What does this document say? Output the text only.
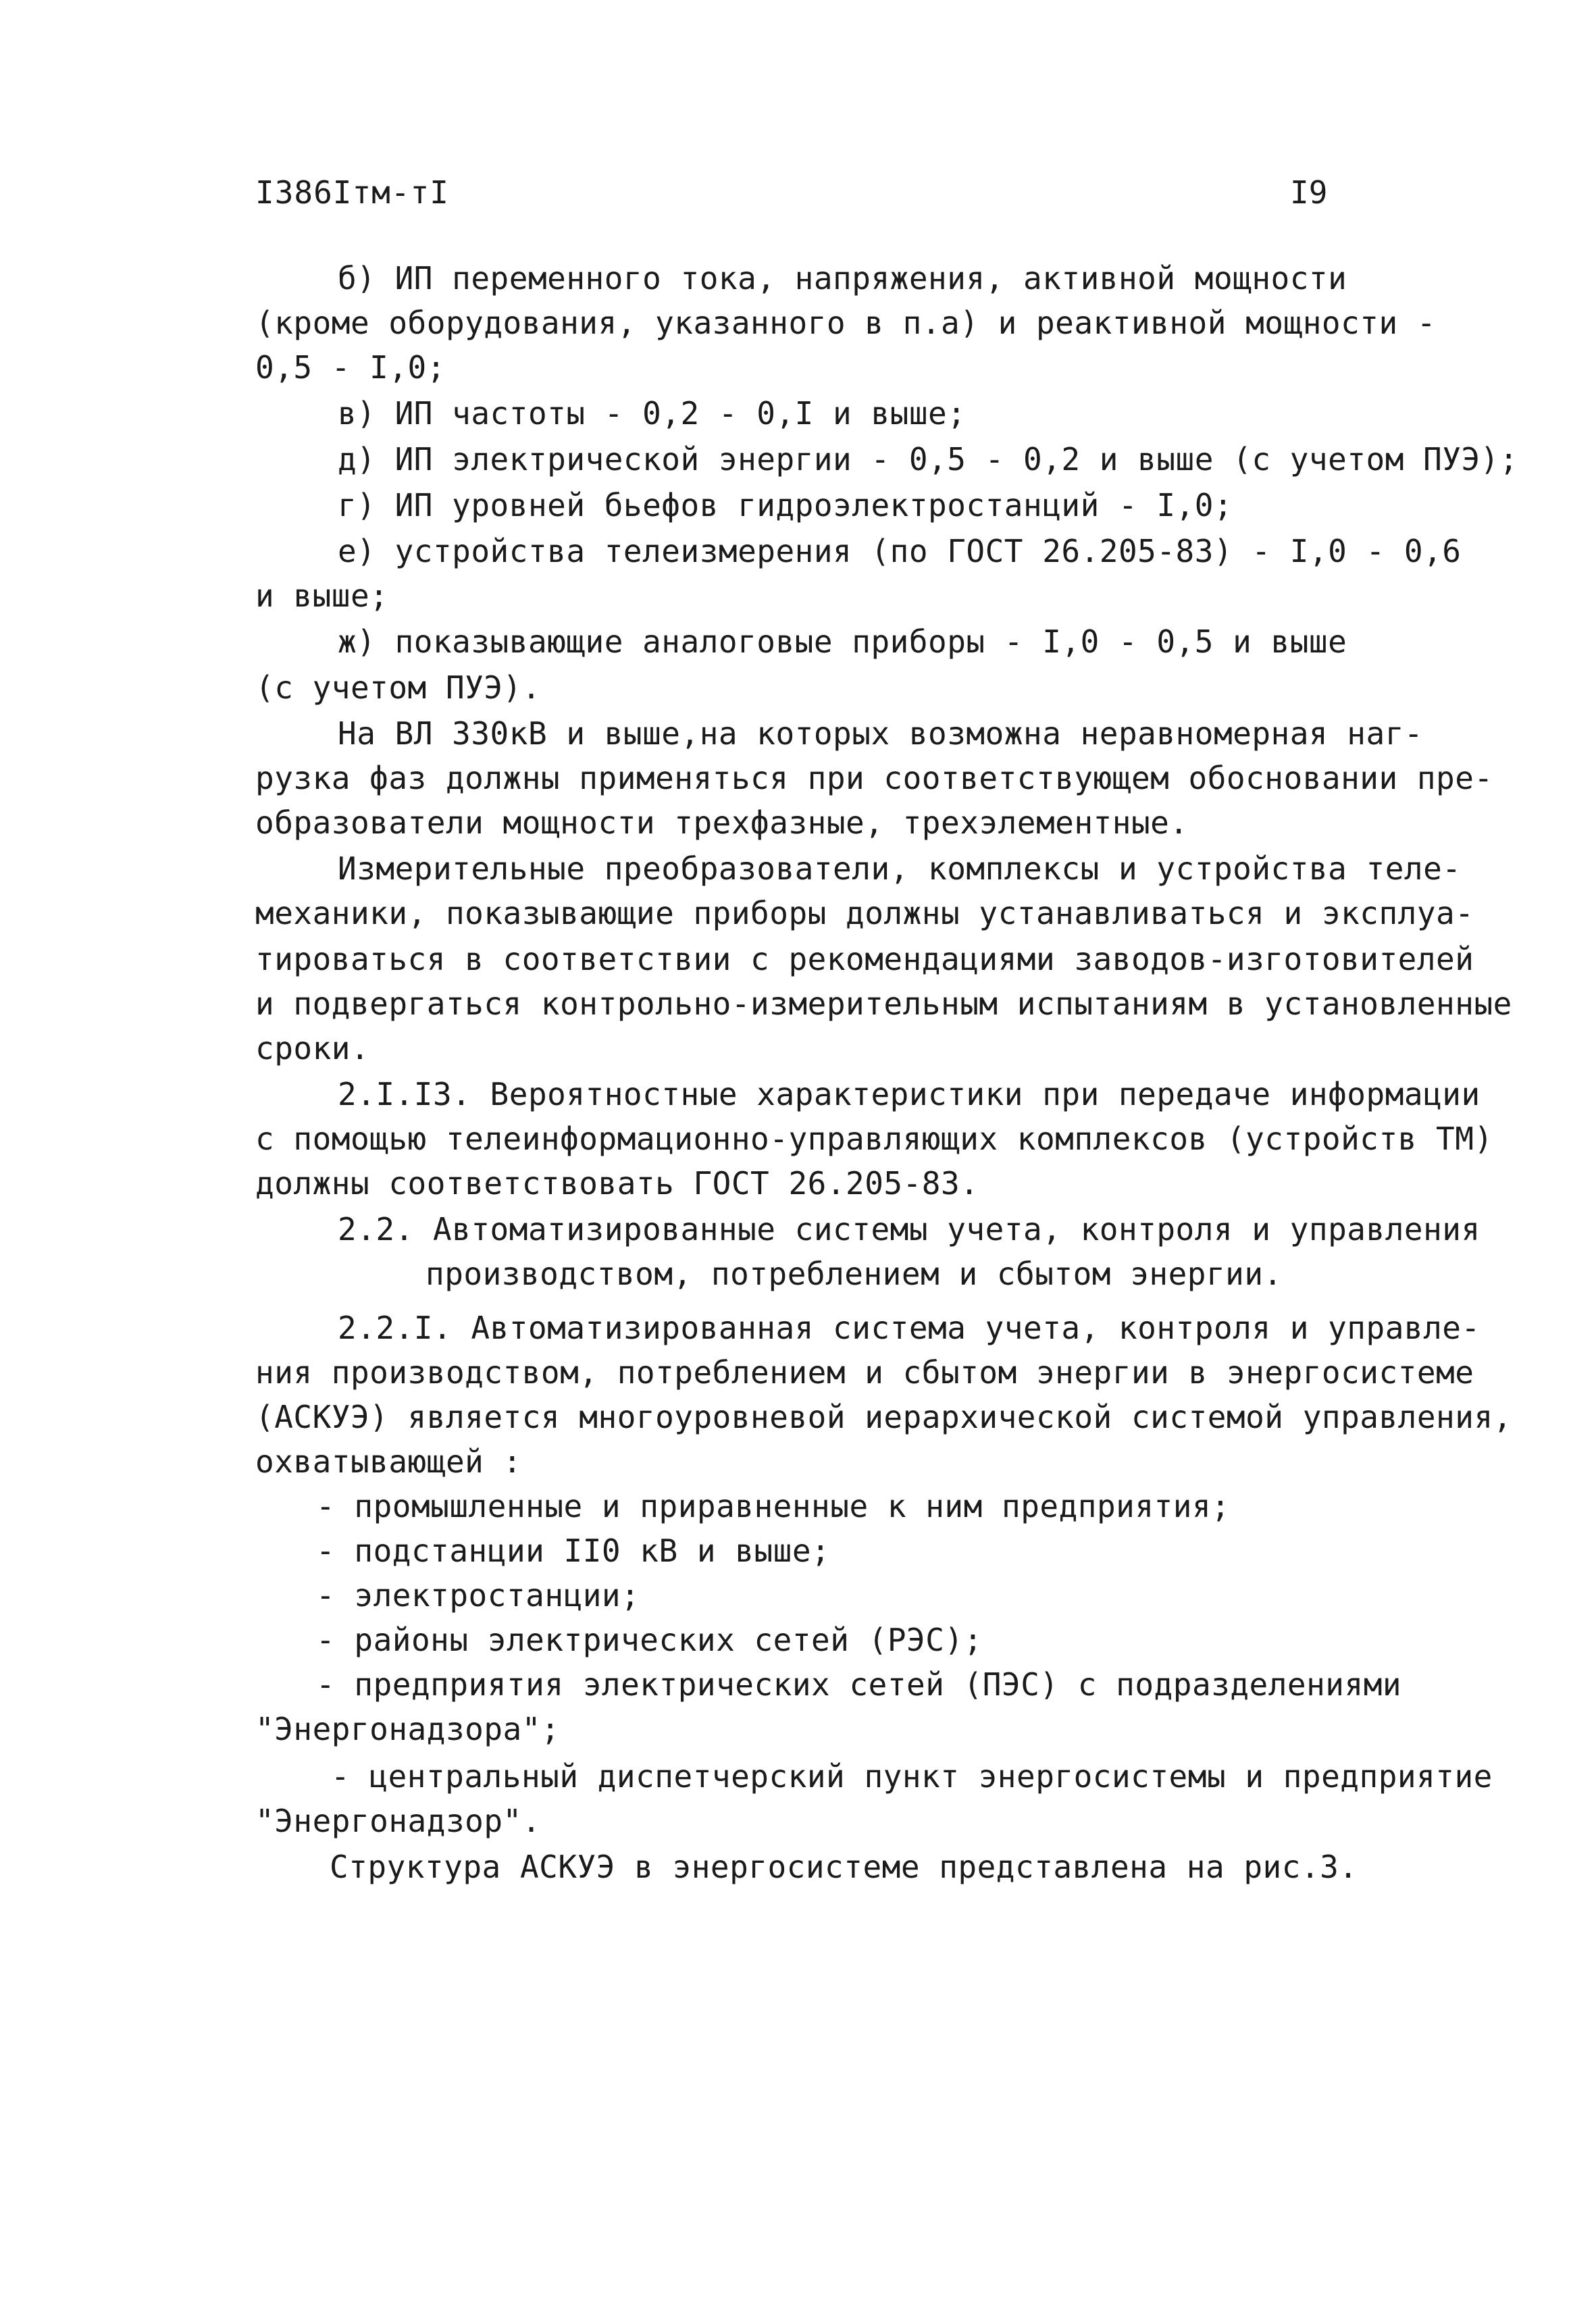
I386Iтм-тI	I9
б) ИП переменного тока, напряжения, активной мощности
(кроме оборудования, указанного в п.а) и реактивной мощности -
0,5 - I,0;
в) ИП частоты - 0,2 - 0,I и выше;
д) ИП электрической энергии - 0,5 - 0,2 и выше (с учетом ПУЭ);
г) ИП уровней бьефов гидроэлектростанций - I,0;
е) устройства телеизмерения (по ГОСТ 26.205-83) - I,0 - 0,6
и выше;
ж) показывающие аналоговые приборы - I,0 - 0,5 и выше
(с учетом ПУЭ).
На ВЛ 330кВ и выше,на которых возможна неравномерная наг-
рузка фаз должны применяться при соответствующем обосновании пре-
образователи мощности трехфазные, трехэлементные.
Измерительные преобразователи, комплексы и устройства теле-
механики, показывающие приборы должны устанавливаться и эксплуа-
тироваться в соответствии с рекомендациями заводов-изготовителей
и подвергаться контрольно-измерительным испытаниям в установленные
сроки.
2.I.I3. Вероятностные характеристики при передаче информации
с помощью телеинформационно-управляющих комплексов (устройств ТМ)
должны соответствовать ГОСТ 26.205-83.
2.2. Автоматизированные системы учета, контроля и управления
производством, потреблением и сбытом энергии.
2.2.I. Автоматизированная система учета, контроля и управле-
ния производством, потреблением и сбытом энергии в энергосистеме
(АСКУЭ) является многоуровневой иерархической системой управления,
охватывающей :
- промышленные и приравненные к ним предприятия;
- подстанции II0 кВ и выше;
- электростанции;
- районы электрических сетей (РЭС);
- предприятия электрических сетей (ПЭС) с подразделениями
"Энергонадзора";
- центральный диспетчерский пункт энергосистемы и предприятие
"Энергонадзор".
Структура АСКУЭ в энергосистеме представлена на рис.3.
